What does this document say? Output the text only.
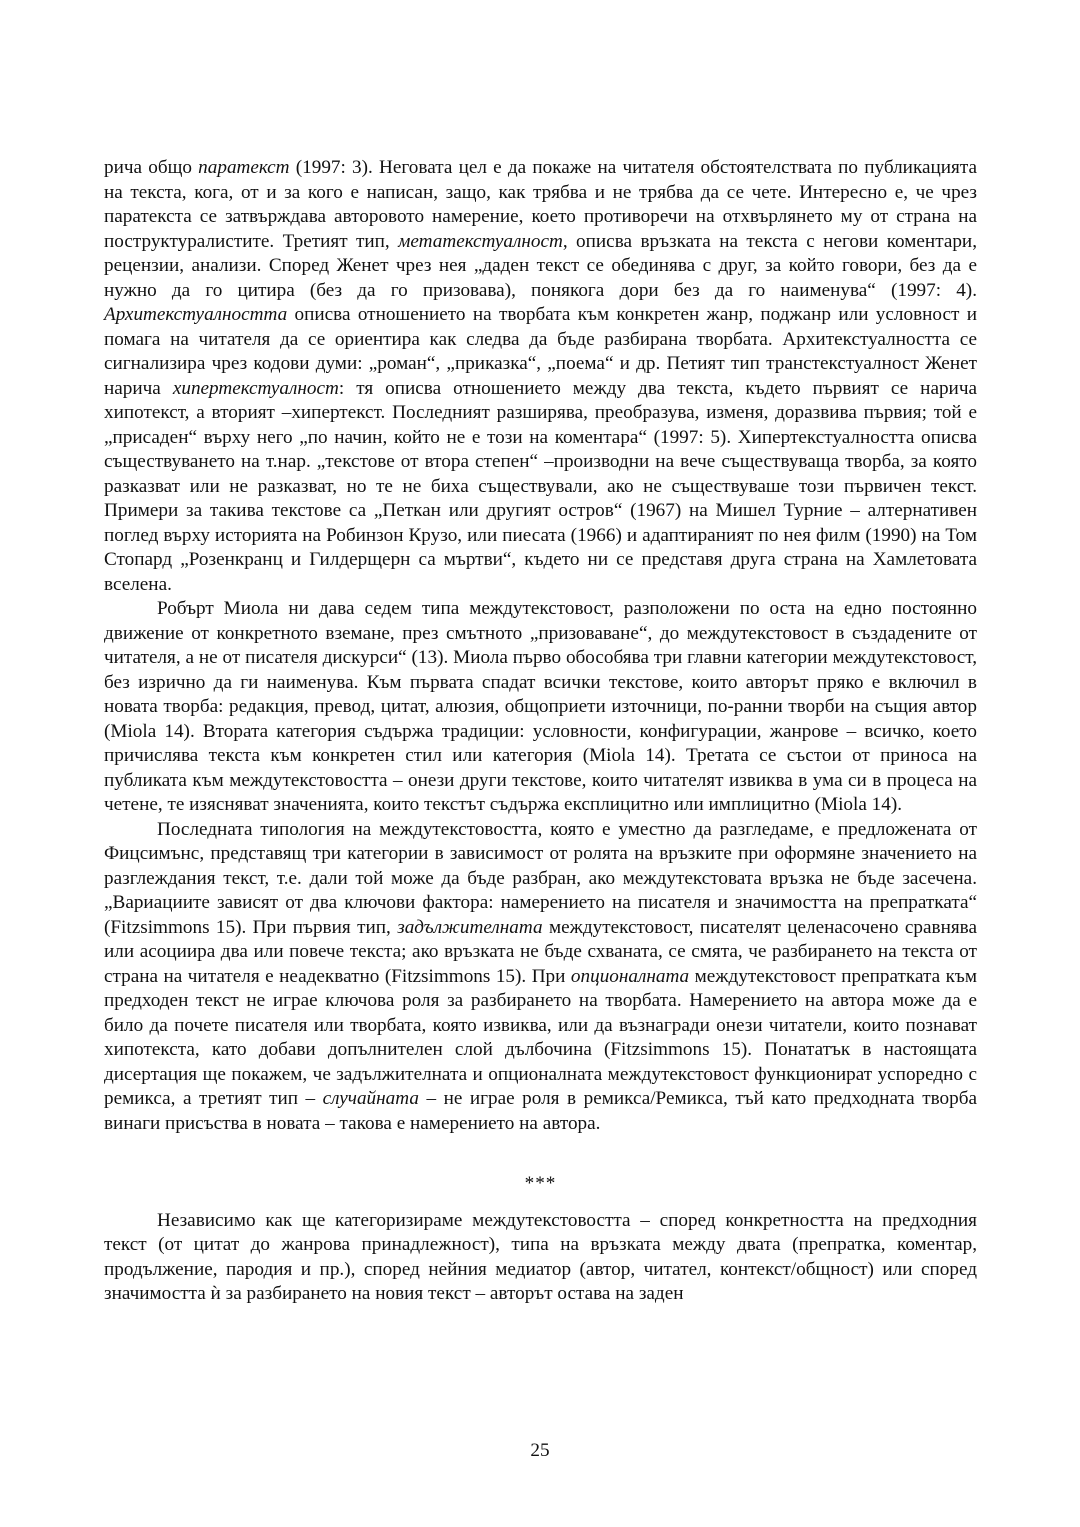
рича общо паратекст (1997: 3). Неговата цел е да покаже на читателя обстоятелствата по публикацията на текста, кога, от и за кого е написан, защо, как трябва и не трябва да се чете. Интересно е, че чрез паратекста се затвърждава авторовото намерение, което противоречи на отхвърлянето му от страна на поструктуралистите. Третият тип, метатекстуалност, описва връзката на текста с негови коментари, рецензии, анализи. Според Женет чрез нея „даден текст се обединява с друг, за който говори, без да е нужно да го цитира (без да го призовава), понякога дори без да го наименува“ (1997: 4). Архитекстуалността описва отношението на творбата към конкретен жанр, поджанр или условност и помага на читателя да се ориентира как следва да бъде разбирана творбата. Архитекстуалността се сигнализира чрез кодови думи: „роман“, „приказка“, „поема“ и др. Петият тип транстекстуалност Женет нарича хипертекстуалност: тя описва отношението между два текста, където първият се нарича хипотекст, а вторият –хипертекст. Последният разширява, преобразува, изменя, доразвива първия; той е „присаден“ върху него „по начин, който не е този на коментара“ (1997: 5). Хипертекстуалността описва съществуването на т.нар. „текстове от втора степен“ –производни на вече съществуваща творба, за която разказват или не разказват, но те не биха съществували, ако не съществуваше този първичен текст. Примери за такива текстове са „Петкан или другият остров“ (1967) на Мишел Турние – алтернативен поглед върху историята на Робинзон Крузо, или пиесата (1966) и адаптираният по нея филм (1990) на Том Стопард „Розенкранц и Гилдерщерн са мъртви“, където ни се представя друга страна на Хамлетовата вселена.

Робърт Миола ни дава седем типа междутекстовост, разположени по оста на едно постоянно движение от конкретното вземане, през смътното „призоваване“, до междутекстовост в създадените от читателя, а не от писателя дискурси“ (13). Миола първо обособява три главни категории междутекстовост, без изрично да ги наименува. Към първата спадат всички текстове, които авторът пряко е включил в новата творба: редакция, превод, цитат, алюзия, общоприети източници, по-ранни творби на същия автор (Miola 14). Втората категория съдържа традиции: условности, конфигурации, жанрове – всичко, което причислява текста към конкретен стил или категория (Miola 14). Третата се състои от приноса на публиката към междутекстовостта – онези други текстове, които читателят извиква в ума си в процеса на четене, те изясняват значенията, които текстът съдържа експлицитно или имплицитно (Miola 14).

Последната типология на междутекстовостта, която е уместно да разгледаме, е предложената от Фицсимънс, представящ три категории в зависимост от ролята на връзките при оформяне значението на разглеждания текст, т.е. дали той може да бъде разбран, ако междутекстовата връзка не бъде засечена. „Вариациите зависят от два ключови фактора: намерението на писателя и значимостта на препратката“ (Fitzsimmons 15). При първия тип, задължителната междутекстовост, писателят целенасочено сравнява или асоциира два или повече текста; ако връзката не бъде схваната, се смята, че разбирането на текста от страна на читателя е неадекватно (Fitzsimmons 15). При опционалната междутекстовост препратката към предходен текст не играе ключова роля за разбирането на творбата. Намерението на автора може да е било да почете писателя или творбата, която извиква, или да възнагради онези читатели, които познават хипотекста, като добави допълнителен слой дълбочина (Fitzsimmons 15). Понататък в настоящата дисертация ще покажем, че задължителната и опционалната междутекстовост функционират успоредно с ремикса, а третият тип – случайната – не играе роля в ремикса/Ремикса, тъй като предходната творба винаги присъства в новата – такова е намерението на автора.

***

Независимо как ще категоризираме междутекстовостта – според конкретността на предходния текст (от цитат до жанрова принадлежност), типа на връзката между двата (препратка, коментар, продължение, пародия и пр.), според нейния медиатор (автор, читател, контекст/общност) или според значимостта ѝ за разбирането на новия текст – авторът остава на заден

25
